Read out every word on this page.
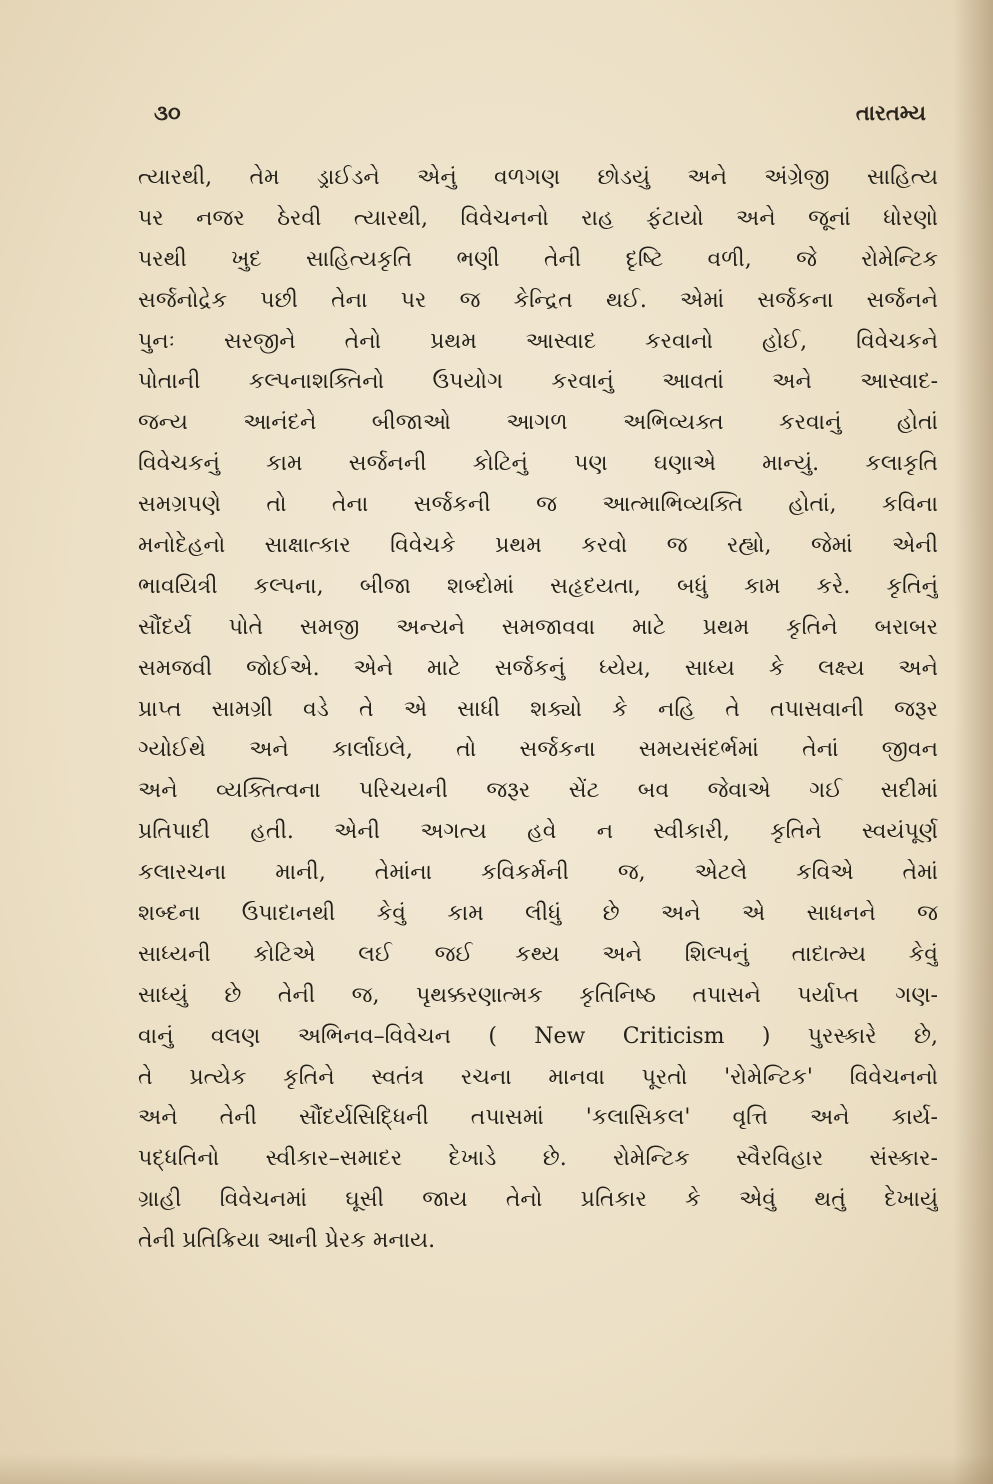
૩૦	તારતમ્ય
ત્યારથી, તેમ ડ્રાઈડને એનું વળગણ છોડયું અને અંગ્રેજી સાહિત્ય
પર નજર ઠેરવી ત્યારથી, વિવેચનનો રાહ ફંટાયો અને જૂનાં ધોરણો
પરથી ખુદ સાહિત્યકૃતિ ભણી તેની દૃષ્ટિ વળી, જે રોમેન્ટિક
સર્જનોદ્રેક પછી તેના પર જ કેન્દ્રિત થઈ. એમાં સર્જકના સર્જનને
પુનઃ સરજીને તેનો પ્રથમ આસ્વાદ કરવાનો હોઈ, વિવેચકને
પોતાની કલ્પનાશક્તિનો ઉપયોગ કરવાનું આવતાં અને આસ્વાદ-
જન્ય આનંદને બીજાઓ આગળ અભિવ્યક્ત કરવાનું હોતાં
વિવેચકનું કામ સર્જનની કોટિનું પણ ઘણાએ માન્યું. કલાકૃતિ
સમગ્રપણે તો તેના સર્જકની જ આત્માભિવ્યક્તિ હોતાં, કવિના
મનોદેહનો સાક્ષાત્કાર વિવેચકે પ્રથમ કરવો જ રહ્યો, જેમાં એની
ભાવયિત્રી કલ્પના, બીજા શબ્દોમાં સહૃદયતા, બધું કામ કરે. કૃતિનું
સૌંદર્ય પોતે સમજી અન્યને સમજાવવા માટે પ્રથમ કૃતિને બરાબર
સમજવી જોઈએ. એને માટે સર્જકનું ધ્યેય, સાધ્ય કે લક્ષ્ય અને
પ્રાપ્ત સામગ્રી વડે તે એ સાધી શક્યો કે નહિ તે તપાસવાની જરૂર
ગ્યોઈથે અને કાર્લાઇલે, તો સર્જકના સમયસંદર્ભમાં તેનાં જીવન
અને વ્યક્તિત્વના પરિચયની જરૂર સેંટ બવ જેવાએ ગઈ સદીમાં
પ્રતિપાદી હતી. એની અગત્ય હવે ન સ્વીકારી, કૃતિને સ્વયંપૂર્ણ
કલારચના માની, તેમાંના કવિકર્મની જ, એટલે કવિએ તેમાં
શબ્દના ઉપાદાનથી કેવું કામ લીધું છે અને એ સાધનને જ
સાધ્યની કોટિએ લઈ જઈ કથ્ય અને શિલ્પનું તાદાત્મ્ય કેવું
સાધ્યું છે તેની જ, પૃથક્કરણાત્મક કૃતિનિષ્ઠ તપાસને પર્યાપ્ત ગણ-
વાનું વલણ અભિનવ–વિવેચન ( New Criticism ) પુરસ્કારે છે,
તે પ્રત્યેક કૃતિને સ્વતંત્ર રચના માનવા પૂરતો 'રોમેન્ટિક' વિવેચનનો
અને તેની સૌંદર્યસિદ્ધિની તપાસમાં 'કલાસિકલ' વૃત્તિ અને કાર્ય-
પદ્ધતિનો સ્વીકાર–સમાદર દેખાડે છે. રોમેન્ટિક સ્વૈરવિહાર સંસ્કાર-
ગ્રાહી વિવેચનમાં ઘૂસી જાય તેનો પ્રતિકાર કે એવું થતું દેખાયું
તેની પ્રતિક્રિયા આની પ્રેરક મનાય.
